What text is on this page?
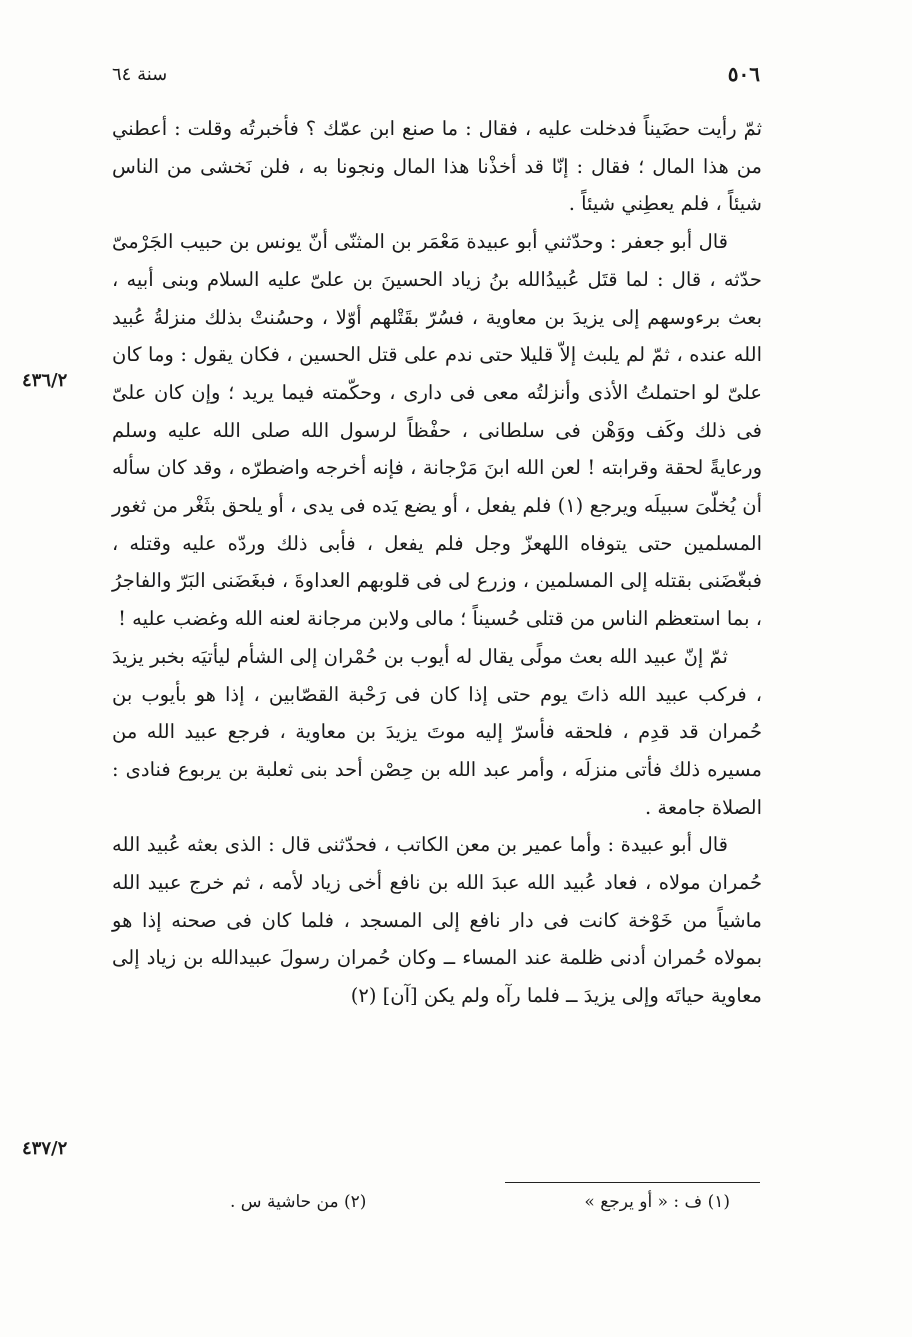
٥٠٦
سنة ٦٤

ثمّ رأيت حضَيناً فدخلت عليه ، فقال : ما صنع ابن عمّك ؟ فأخبرتُه وقلت : أعطني من هذا المال ؛ فقال : إنّا قد أخذْنا هذا المال ونجونا به ، فلن نَخشى من الناس شيئاً ، فلم يعطِني شيئاً .

قال أبو جعفر : وحدّثني أبو عبيدة مَعْمَر بن المثنّى أنّ يونس بن حبيب الجَرْمىّ حدّثه ، قال : لما قتَل عُبيدُالله بنُ زياد الحسينَ بن علىّ عليه السلام وبنى أبيه ، بعث برءوسهم إلى يزيدَ بن معاوية ، فسُرّ بقَتْلهم أوّلا ، وحسُنتْ بذلك منزلةُ عُبيد الله عنده ، ثمّ لم يلبث إلاّ قليلا حتى ندم على قتل الحسين ، فكان يقول : وما كان علىّ لو احتملتُ الأذى وأنزلتُه معى فى دارى ، وحكّمته فيما يريد ؛ وإن كان علىّ فى ذلك وكَف ووَهْن فى سلطانى ، حفْظاً لرسول الله صلى الله عليه وسلم ورعايةً لحقة وقرابته ! لعن الله ابنَ مَرْجانة ، فإنه أخرجه واضطرّه ، وقد كان سأله أن يُخلّىَ سبيلَه ويرجع (١) فلم يفعل ، أو يضع يَده فى يدى ، أو يلحق بثَغْر من ثغور المسلمين حتى يتوفاه اللهعزّ وجل فلم يفعل ، فأبى ذلك وردّه عليه وقتله ، فبغّضَنى بقتله إلى المسلمين ، وزرع لى فى قلوبهم العداوةَ ، فبغَضَنى البَرّ والفاجرُ ، بما استعظم الناس من قتلى حُسيناً ؛ مالى ولابن مرجانة لعنه الله وغضب عليه !

ثمّ إنّ عبيد الله بعث مولًى يقال له أيوب بن حُمْران إلى الشأم ليأتيَه بخبر يزيدَ ، فركب عبيد الله ذاتَ يوم حتى إذا كان فى رَحْبة القصّابين ، إذا هو بأيوب بن حُمران قد قدِم ، فلحقه فأسرّ إليه موتَ يزيدَ بن معاوية ، فرجع عبيد الله من مسيره ذلك فأتى منزلَه ، وأمر عبد الله بن حِصْن أحد بنى ثعلبة بن يربوع فنادى : الصلاة جامعة .

قال أبو عبيدة : وأما عمير بن معن الكاتب ، فحدّثنى قال : الذى بعثه عُبيد الله حُمران مولاه ، فعاد عُبيد الله عبدَ الله بن نافع أخى زياد لأمه ، ثم خرج عبيد الله ماشياً من خَوْخة كانت فى دار نافع إلى المسجد ، فلما كان فى صحنه إذا هو بمولاه حُمران أدنى ظلمة عند المساء ــ وكان حُمران رسولَ عبيدالله بن زياد إلى معاوية حياتَه وإلى يزيدَ ــ فلما رآه ولم يكن [آن] (٢)

٤٣٦/٢
٤٣٧/٢
(١) ف : « أو يرجع »
(٢) من حاشية س .
